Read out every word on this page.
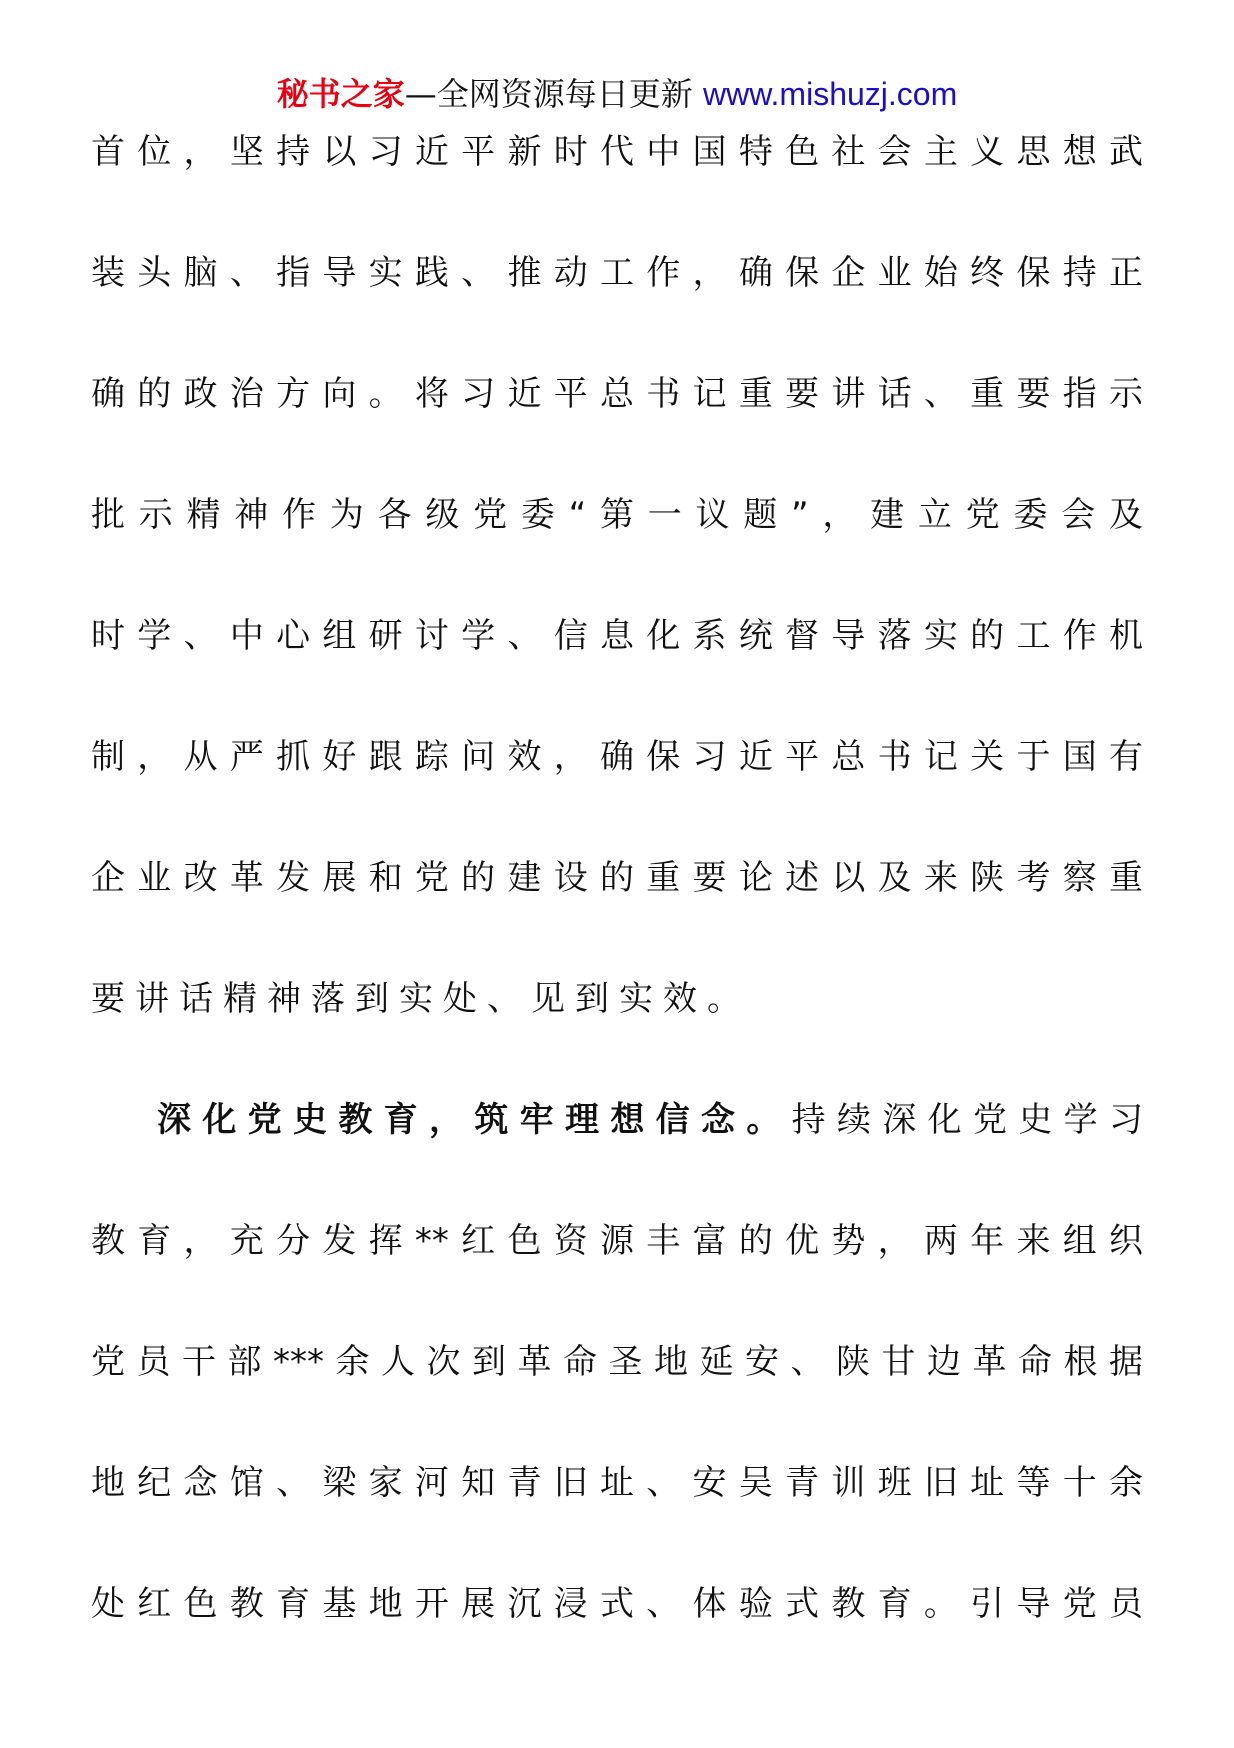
秘书之家—全网资源每日更新 www.mishuzj.com
首位，坚持以习近平新时代中国特色社会主义思想武
装头脑、指导实践、推动工作，确保企业始终保持正
确的政治方向。将习近平总书记重要讲话、重要指示
批示精神作为各级党委“第一议题”，建立党委会及
时学、中心组研讨学、信息化系统督导落实的工作机
制，从严抓好跟踪问效，确保习近平总书记关于国有
企业改革发展和党的建设的重要论述以及来陕考察重
要讲话精神落到实处、见到实效。
深化党史教育，筑牢理想信念。持续深化党史学习
教育，充分发挥**红色资源丰富的优势，两年来组织
党员干部***余人次到革命圣地延安、陕甘边革命根据
地纪念馆、梁家河知青旧址、安吴青训班旧址等十余
处红色教育基地开展沉浸式、体验式教育。引导党员
